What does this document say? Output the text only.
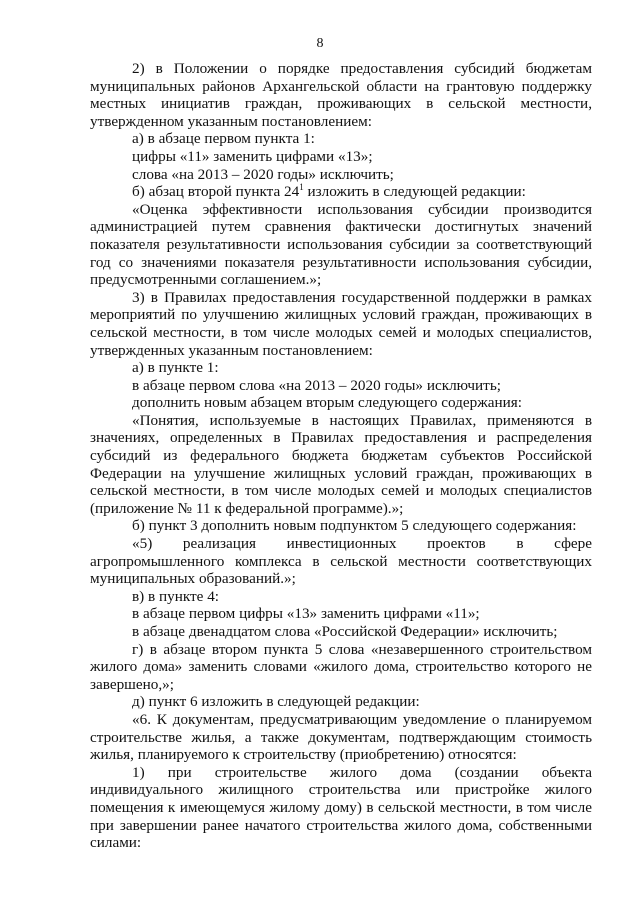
8

2) в Положении о порядке предоставления субсидий бюджетам муниципальных районов Архангельской области на грантовую поддержку местных инициатив граждан, проживающих в сельской местности, утвержденном указанным постановлением:

а) в абзаце первом пункта 1:

цифры «11» заменить цифрами «13»;

слова «на 2013 – 2020 годы» исключить;

б) абзац второй пункта $24^1$ изложить в следующей редакции:

«Оценка эффективности использования субсидии производится администрацией путем сравнения фактически достигнутых значений показателя результативности использования субсидии за соответствующий год со значениями показателя результативности использования субсидии, предусмотренными соглашением.»;

3) в Правилах предоставления государственной поддержки в рамках мероприятий по улучшению жилищных условий граждан, проживающих в сельской местности, в том числе молодых семей и молодых специалистов, утвержденных указанным постановлением:

а) в пункте 1:

в абзаце первом слова «на 2013 – 2020 годы» исключить;

дополнить новым абзацем вторым следующего содержания:

«Понятия, используемые в настоящих Правилах, применяются в значениях, определенных в Правилах предоставления и распределения субсидий из федерального бюджета бюджетам субъектов Российской Федерации на улучшение жилищных условий граждан, проживающих в сельской местности, в том числе молодых семей и молодых специалистов (приложение № 11 к федеральной программе).»;

б) пункт 3 дополнить новым подпунктом 5 следующего содержания:

«5) реализация инвестиционных проектов в сфере агропромышленного комплекса в сельской местности соответствующих муниципальных образований.»;

в) в пункте 4:

в абзаце первом цифры «13» заменить цифрами «11»;

в абзаце двенадцатом слова «Российской Федерации» исключить;

г) в абзаце втором пункта 5 слова «незавершенного строительством жилого дома» заменить словами «жилого дома, строительство которого не завершено,»;

д) пункт 6 изложить в следующей редакции:

«6. К документам, предусматривающим уведомление о планируемом строительстве жилья, а также документам, подтверждающим стоимость жилья, планируемого к строительству (приобретению) относятся:

1) при строительстве жилого дома (создании объекта индивидуального жилищного строительства или пристройке жилого помещения к имеющемуся жилому дому) в сельской местности, в том числе при завершении ранее начатого строительства жилого дома, собственными силами:
